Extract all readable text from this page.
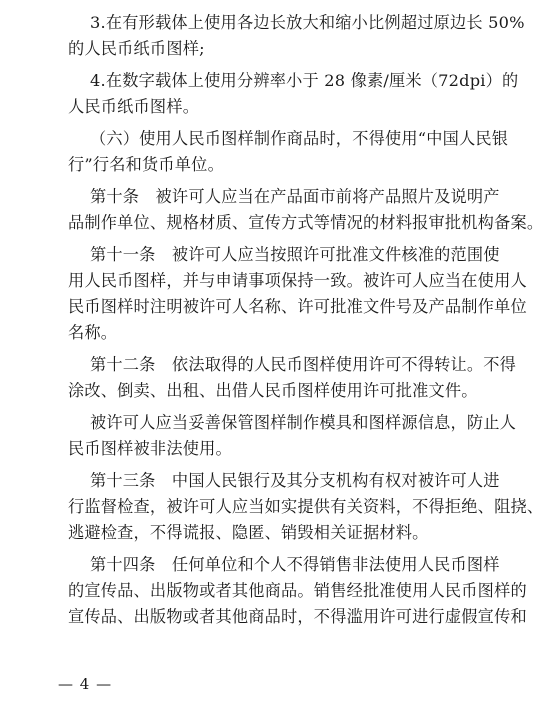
3.在有形载体上使用各边长放大和缩小比例超过原边长 50%
的人民币纸币图样;
4.在数字载体上使用分辨率小于 28 像素/厘米（72dpi）的
人民币纸币图样。
（六）使用人民币图样制作商品时，不得使用“中国人民银
行”行名和货币单位。
第十条　被许可人应当在产品面市前将产品照片及说明产
品制作单位、规格材质、宣传方式等情况的材料报审批机构备案。
第十一条　被许可人应当按照许可批准文件核准的范围使
用人民币图样，并与申请事项保持一致。被许可人应当在使用人
民币图样时注明被许可人名称、许可批准文件号及产品制作单位
名称。
第十二条　依法取得的人民币图样使用许可不得转让。不得
涂改、倒卖、出租、出借人民币图样使用许可批准文件。
被许可人应当妥善保管图样制作模具和图样源信息，防止人
民币图样被非法使用。
第十三条　中国人民银行及其分支机构有权对被许可人进
行监督检查，被许可人应当如实提供有关资料，不得拒绝、阻挠、
逃避检查，不得谎报、隐匿、销毁相关证据材料。
第十四条　任何单位和个人不得销售非法使用人民币图样
的宣传品、出版物或者其他商品。销售经批准使用人民币图样的
宣传品、出版物或者其他商品时，不得滥用许可进行虚假宣传和
— 4 —
